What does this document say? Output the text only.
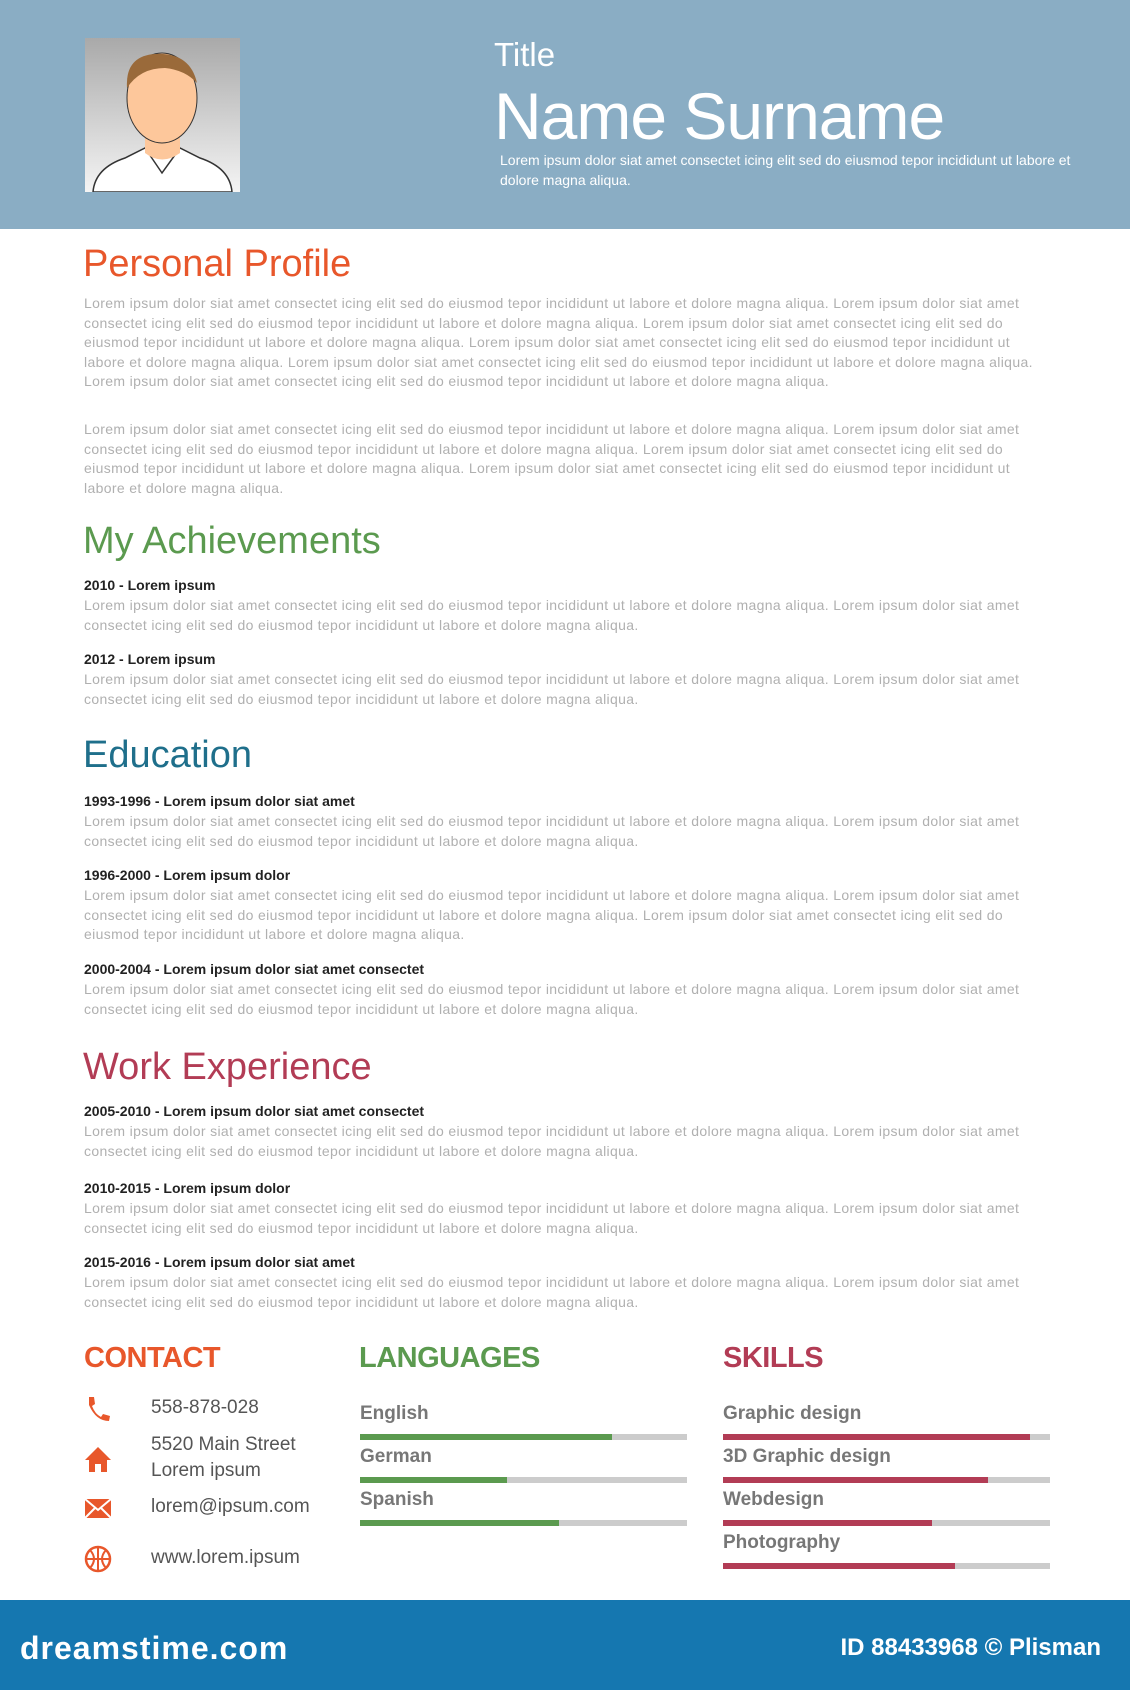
Title
Name Surname
Lorem ipsum dolor siat amet consectet icing elit sed do eiusmod tepor incididunt ut labore et dolore magna aliqua.
Personal Profile
Lorem ipsum dolor siat amet consectet icing elit sed do eiusmod tepor incididunt ut labore et dolore magna aliqua. Lorem ipsum dolor siat amet
consectet icing elit sed do eiusmod tepor incididunt ut labore et dolore magna aliqua. Lorem ipsum dolor siat amet consectet icing elit sed do
eiusmod tepor incididunt ut labore et dolore magna aliqua. Lorem ipsum dolor siat amet consectet icing elit sed do eiusmod tepor incididunt ut
labore et dolore magna aliqua. Lorem ipsum dolor siat amet consectet icing elit sed do eiusmod tepor incididunt ut labore et dolore magna aliqua.
Lorem ipsum dolor siat amet consectet icing elit sed do eiusmod tepor incididunt ut labore et dolore magna aliqua.
Lorem ipsum dolor siat amet consectet icing elit sed do eiusmod tepor incididunt ut labore et dolore magna aliqua. Lorem ipsum dolor siat amet
consectet icing elit sed do eiusmod tepor incididunt ut labore et dolore magna aliqua. Lorem ipsum dolor siat amet consectet icing elit sed do
eiusmod tepor incididunt ut labore et dolore magna aliqua. Lorem ipsum dolor siat amet consectet icing elit sed do eiusmod tepor incididunt ut
labore et dolore magna aliqua.
My Achievements
2010 - Lorem ipsum
Lorem ipsum dolor siat amet consectet icing elit sed do eiusmod tepor incididunt ut labore et dolore magna aliqua. Lorem ipsum dolor siat amet
consectet icing elit sed do eiusmod tepor incididunt ut labore et dolore magna aliqua.
2012 - Lorem ipsum
Lorem ipsum dolor siat amet consectet icing elit sed do eiusmod tepor incididunt ut labore et dolore magna aliqua. Lorem ipsum dolor siat amet
consectet icing elit sed do eiusmod tepor incididunt ut labore et dolore magna aliqua.
Education
1993-1996 - Lorem ipsum dolor siat amet
Lorem ipsum dolor siat amet consectet icing elit sed do eiusmod tepor incididunt ut labore et dolore magna aliqua. Lorem ipsum dolor siat amet
consectet icing elit sed do eiusmod tepor incididunt ut labore et dolore magna aliqua.
1996-2000 - Lorem ipsum dolor
Lorem ipsum dolor siat amet consectet icing elit sed do eiusmod tepor incididunt ut labore et dolore magna aliqua. Lorem ipsum dolor siat amet
consectet icing elit sed do eiusmod tepor incididunt ut labore et dolore magna aliqua. Lorem ipsum dolor siat amet consectet icing elit sed do
eiusmod tepor incididunt ut labore et dolore magna aliqua.
2000-2004 - Lorem ipsum dolor siat amet consectet
Lorem ipsum dolor siat amet consectet icing elit sed do eiusmod tepor incididunt ut labore et dolore magna aliqua. Lorem ipsum dolor siat amet
consectet icing elit sed do eiusmod tepor incididunt ut labore et dolore magna aliqua.
Work Experience
2005-2010 - Lorem ipsum dolor siat amet consectet
Lorem ipsum dolor siat amet consectet icing elit sed do eiusmod tepor incididunt ut labore et dolore magna aliqua. Lorem ipsum dolor siat amet
consectet icing elit sed do eiusmod tepor incididunt ut labore et dolore magna aliqua.
2010-2015 - Lorem ipsum dolor
Lorem ipsum dolor siat amet consectet icing elit sed do eiusmod tepor incididunt ut labore et dolore magna aliqua. Lorem ipsum dolor siat amet
consectet icing elit sed do eiusmod tepor incididunt ut labore et dolore magna aliqua.
2015-2016 - Lorem ipsum dolor siat amet
Lorem ipsum dolor siat amet consectet icing elit sed do eiusmod tepor incididunt ut labore et dolore magna aliqua. Lorem ipsum dolor siat amet
consectet icing elit sed do eiusmod tepor incididunt ut labore et dolore magna aliqua.
CONTACT
558-878-028
5520 Main Street
Lorem ipsum
lorem@ipsum.com
www.lorem.ipsum
LANGUAGES
English
German
Spanish
SKILLS
Graphic design
3D Graphic design
Webdesign
Photography
dreamstime.com	ID 88433968 © Plisman
